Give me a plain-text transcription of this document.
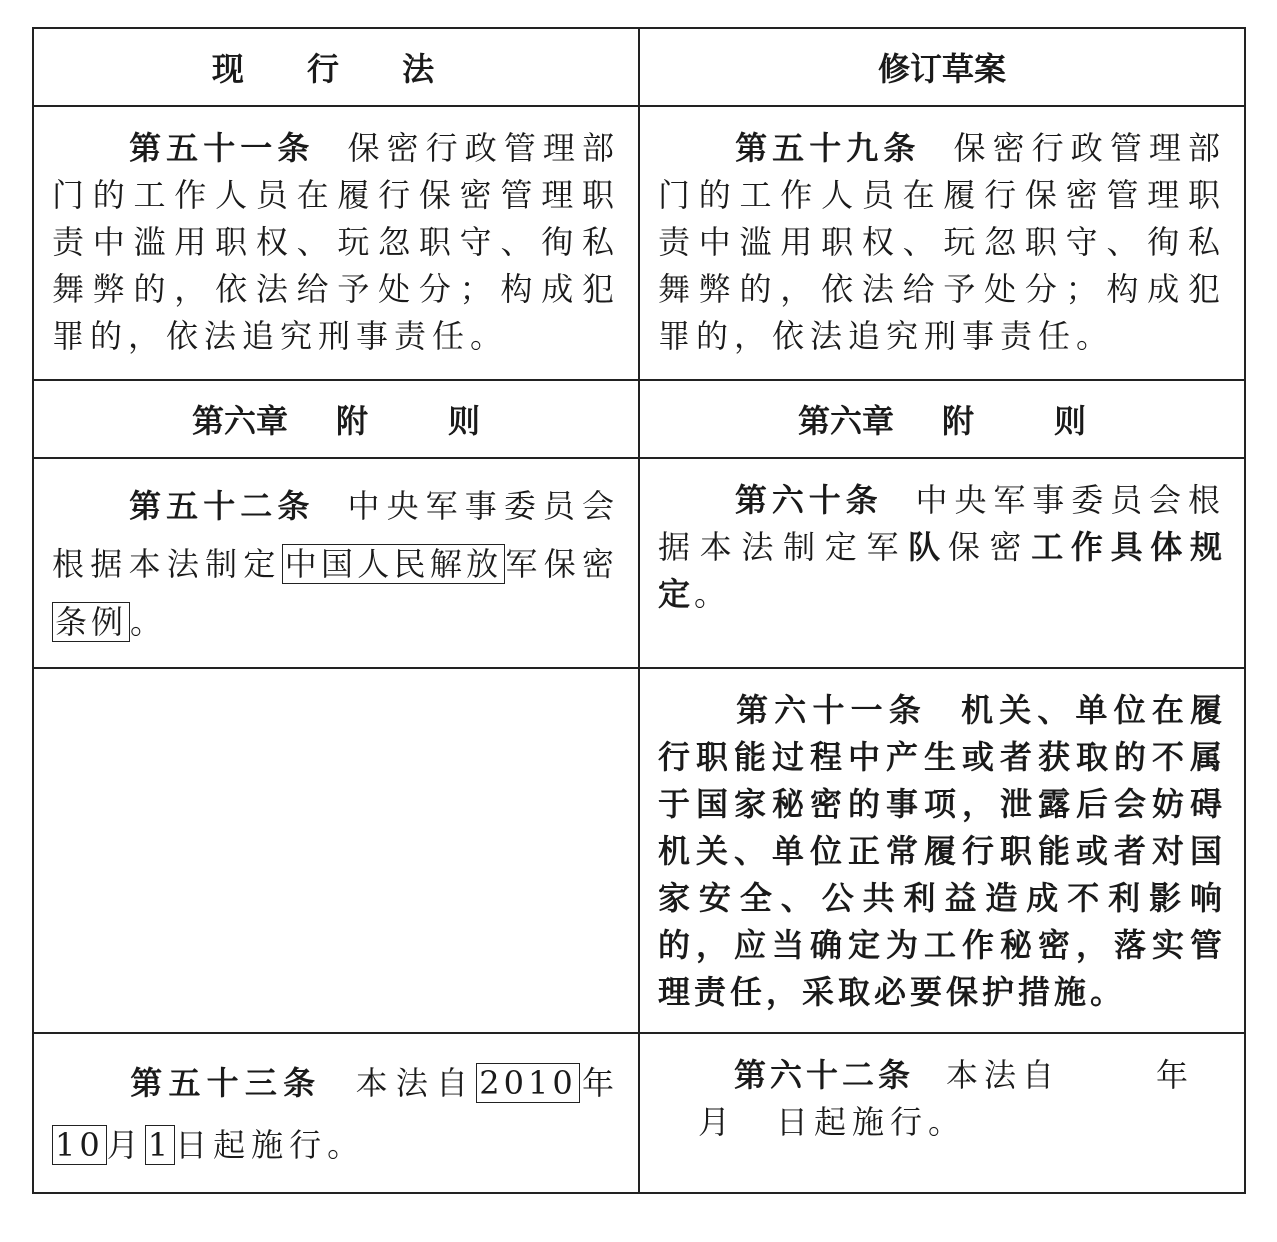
现 行 法	修订草案

第五十一条 保密行政管理部门的工作人员在履行保密管理职责中滥用职权、玩忽职守、徇私舞弊的，依法给予处分；构成犯罪的，依法追究刑事责任。	第五十九条 保密行政管理部门的工作人员在履行保密管理职责中滥用职权、玩忽职守、徇私舞弊的，依法给予处分；构成犯罪的，依法追究刑事责任。

第六章 附 则	第六章 附 则

第五十二条 中央军事委员会根据本法制定中国人民解放军保密条例。	第六十条 中央军事委员会根据本法制定军队保密工作具体规定。

	第六十一条 机关、单位在履行职能过程中产生或者获取的不属于国家秘密的事项，泄露后会妨碍机关、单位正常履行职能或者对国家安全、公共利益造成不利影响的，应当确定为工作秘密，落实管理责任，采取必要保护措施。

第五十三条 本法自2010年10月1日起施行。	第六十二条 本法自 年
月 日起施行。
